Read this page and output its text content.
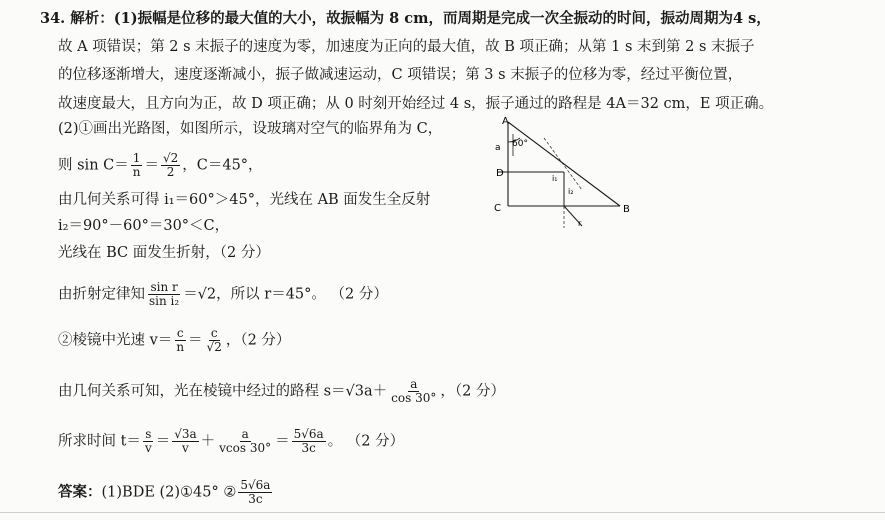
34. 解析：(1)振幅是位移的最大值的大小，故振幅为 8 cm，而周期是完成一次全振动的时间，振动周期为4 s，
故 A 项错误；第 2 s 末振子的速度为零，加速度为正向的最大值，故 B 项正确；从第 1 s 末到第 2 s 末振子
的位移逐渐增大，速度逐渐减小，振子做减速运动，C 项错误；第 3 s 末振子的位移为零，经过平衡位置，
故速度最大，且方向为正，故 D 项正确；从 0 时刻开始经过 4 s，振子通过的路程是 4A＝32 cm，E 项正确。
(2)①画出光路图，如图所示，设玻璃对空气的临界角为 C，
则 $\sin C= \frac{1}{n} = \frac{√2}{2}$ ，C＝45°，
由几何关系可得 i₁＝60°＞45°，光线在 AB 面发生全反射
i₂＝90°－60°＝30°＜C，
光线在 BC 面发生折射，（2 分）
由折射定律知 $\frac{\text{sin r}}{\text{sin i₂}} =√2$，所以 r＝45°。 （2 分）
②棱镜中光速 $v= \frac{c}{n} = \frac{c}{√2}$ ，（2 分）
由几何关系可知，光在棱镜中经过的路程 $s=√3a+ \frac{a}{\cos 30^\circ}$ ，（2 分）
所求时间 $t= \frac{s}{v} = \frac{√3a}{v} + \frac{a}{vcos 30^\circ} = \frac{5√6a}{3c}$ 。 （2 分）
答案：(1)BDE (2)①45° ② $\frac{5√6a}{3c}$
A
B
C
D
a 60°
i₁
i₂
r
